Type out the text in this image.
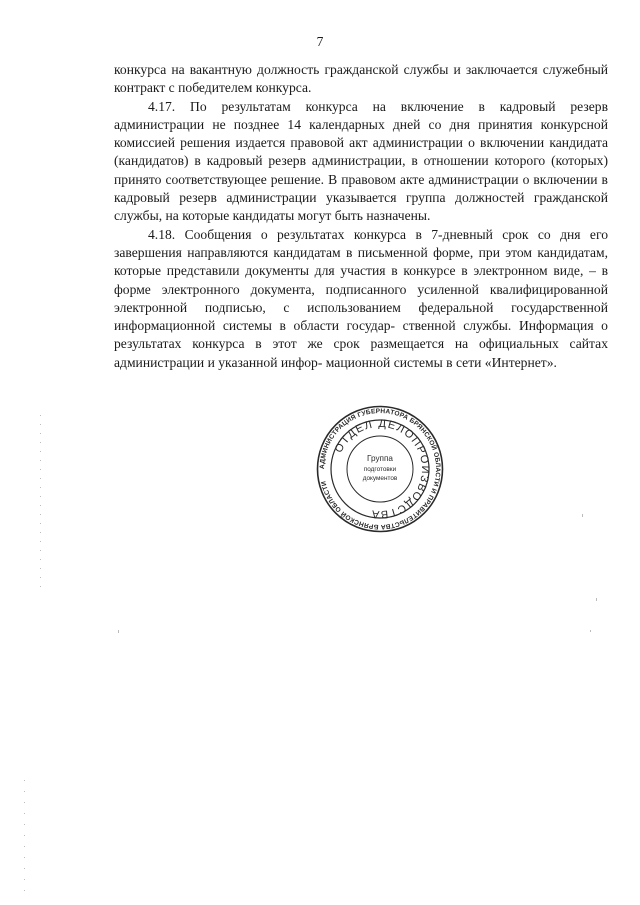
7

конкурса на вакантную должность гражданской службы и заключается служебный контракт с победителем конкурса.

4.17. По результатам конкурса на включение в кадровый резерв администрации не позднее 14 календарных дней со дня принятия конкурсной комиссией решения издается правовой акт администрации о включении кандидата (кандидатов) в кадровый резерв администрации, в отношении которого (которых) принято соответствующее решение. В правовом акте администрации о включении в кадровый резерв администрации указывается группа должностей гражданской службы, на которые кандидаты могут быть назначены.

4.18. Сообщения о результатах конкурса в 7-дневный срок со дня его завершения направляются кандидатам в письменной форме, при этом кандидатам, которые представили документы для участия в конкурсе в электронном виде, – в форме электронного документа, подписанного усиленной квалифицированной электронной подписью, с использованием федеральной государственной информационной системы в области государ- ственной службы. Информация о результатах конкурса в этот же срок размещается на официальных сайтах администрации и указанной инфор- мационной системы в сети «Интернет».

АДМИНИСТРАЦИЯ ГУБЕРНАТОРА БРЯНСКОЙ ОБЛАСТИ И ПРАВИТЕЛЬСТВА БРЯНСКОЙ ОБЛАСТИ
ОТДЕЛ ДЕЛОПРОИЗВОДСТВА
Группа
подготовки
документов
